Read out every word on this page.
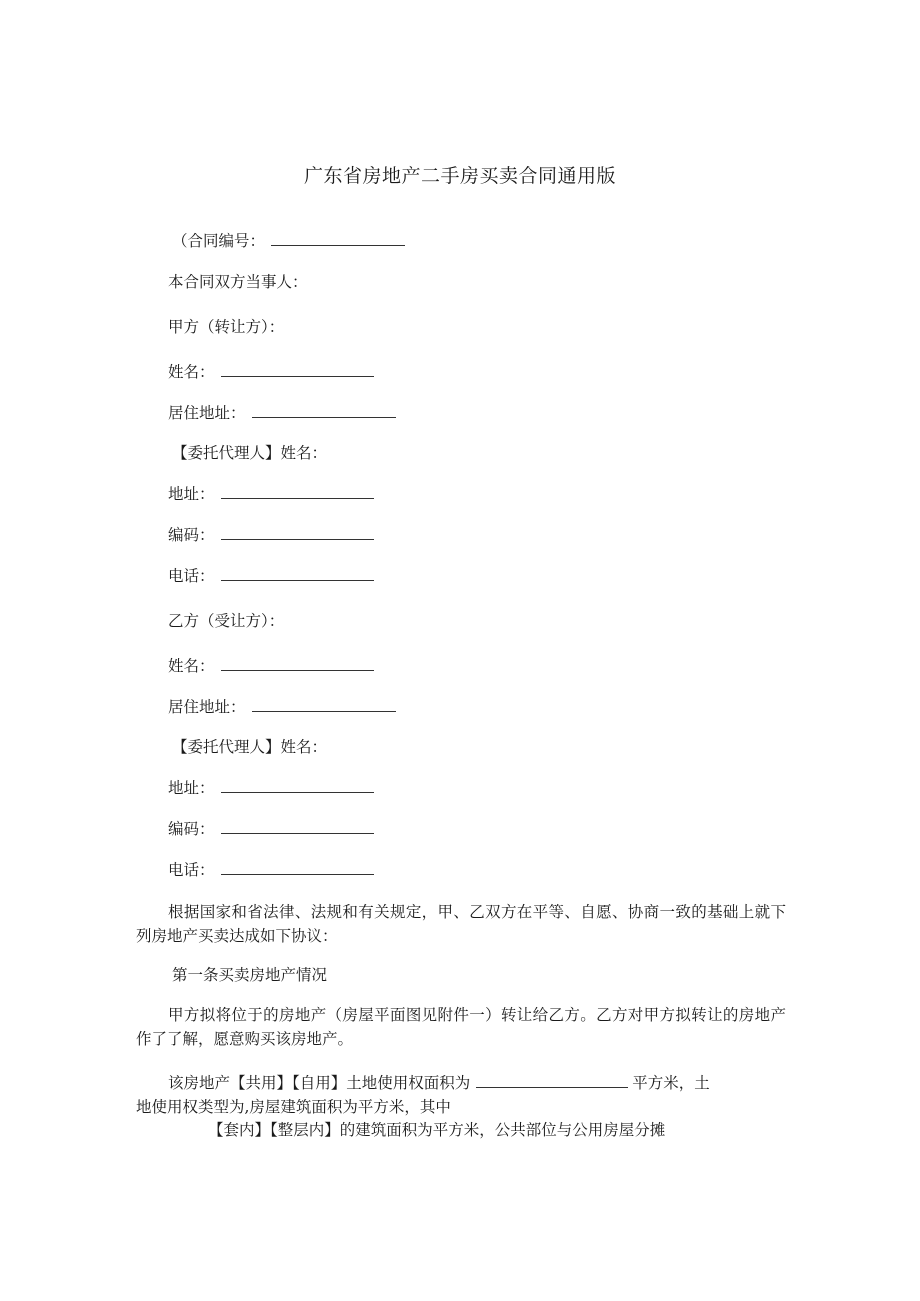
广东省房地产二手房买卖合同通用版
（合同编号：
本合同双方当事人：
甲方（转让方）：
姓名：
居住地址：
【委托代理人】姓名：
地址：
编码：
电话：
乙方（受让方）：
姓名：
居住地址：
【委托代理人】姓名：
地址：
编码：
电话：

根据国家和省法律、法规和有关规定，甲、乙双方在平等、自愿、协商一致的基础上就下列房地产买卖达成如下协议：

第一条买卖房地产情况

甲方拟将位于的房地产（房屋平面图见附件一）转让给乙方。乙方对甲方拟转让的房地产作了了解，愿意购买该房地产。

该房地产【共用】【自用】土地使用权面积为	平方米，土
地使用权类型为,房屋建筑面积为平方米，其中
【套内】【整层内】的建筑面积为平方米，公共部位与公用房屋分摊
